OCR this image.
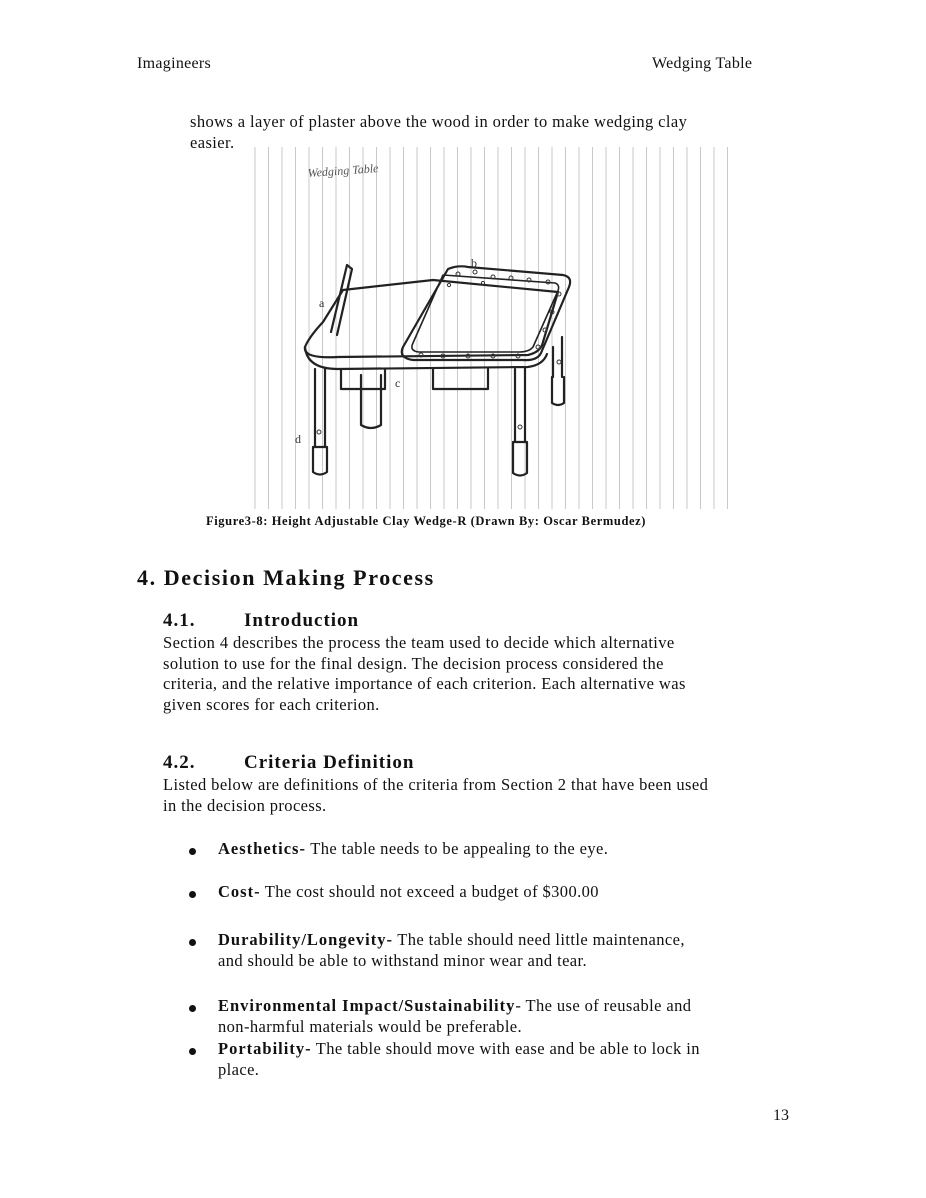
Imagineers	Wedging Table
shows a layer of plaster above the wood in order to make wedging clay
easier.
Wedging Table
a
b
c
d
Figure3-8: Height Adjustable Clay Wedge-R (Drawn By: Oscar Bermudez)
4. Decision Making Process
4.1.	Introduction
Section 4 describes the process the team used to decide which alternative
solution to use for the final design. The decision process considered the
criteria, and the relative importance of each criterion. Each alternative was
given scores for each criterion.
4.2.	Criteria Definition
Listed below are definitions of the criteria from Section 2 that have been used
in the decision process.
Aesthetics- The table needs to be appealing to the eye.
Cost- The cost should not exceed a budget of $300.00
Durability/Longevity- The table should need little maintenance,
and should be able to withstand minor wear and tear.
Environmental Impact/Sustainability- The use of reusable and
non-harmful materials would be preferable.
Portability- The table should move with ease and be able to lock in
place.
13
